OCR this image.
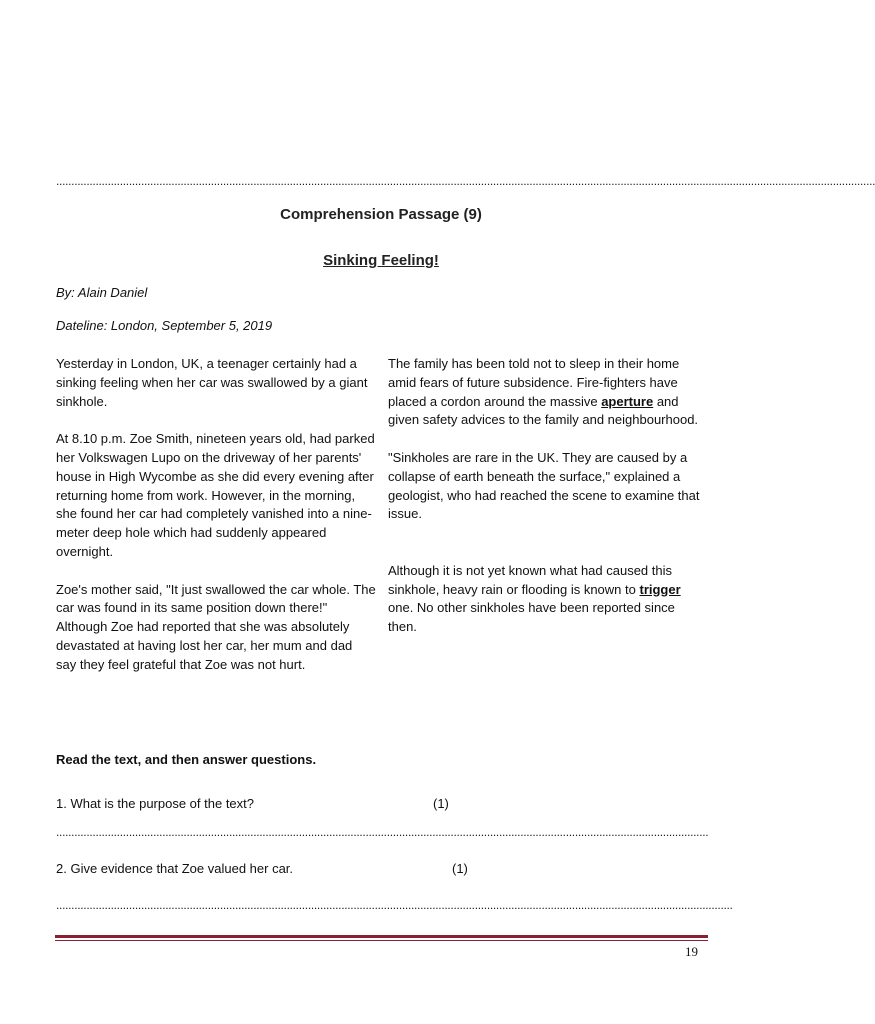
..............................................................................................................................................................................................................................................................................
Comprehension Passage (9)
Sinking Feeling!
By: Alain Daniel
Dateline: London, September 5, 2019

Yesterday in London, UK, a teenager certainly had a sinking feeling when her car was swallowed by a giant sinkhole.

At 8.10 p.m. Zoe Smith, nineteen years old, had parked her Volkswagen Lupo on the driveway of her parents' house in High Wycombe as she did every evening after returning home from work. However, in the morning, she found her car had completely vanished into a nine-meter deep hole which had suddenly appeared overnight.

Zoe's mother said, "It just swallowed the car whole. The car was found in its same position down there!"

Although Zoe had reported that she was absolutely devastated at having lost her car, her mum and dad say they feel grateful that Zoe was not hurt.

The family has been told not to sleep in their home amid fears of future subsidence. Fire-fighters have placed a cordon around the massive aperture and given safety advices to the family and neighbourhood.

"Sinkholes are rare in the UK. They are caused by a collapse of earth beneath the surface," explained a geologist, who had reached the scene to examine that issue.

Although it is not yet known what had caused this sinkhole, heavy rain or flooding is known to trigger one. No other sinkholes have been reported since then.

Read the text, and then answer questions.
1. What is the purpose of the text?	(1)
.......................................................................................................................................................................................................................
2. Give evidence that Zoe valued her car.	(1)
...............................................................................................................................................................................................................................
19
